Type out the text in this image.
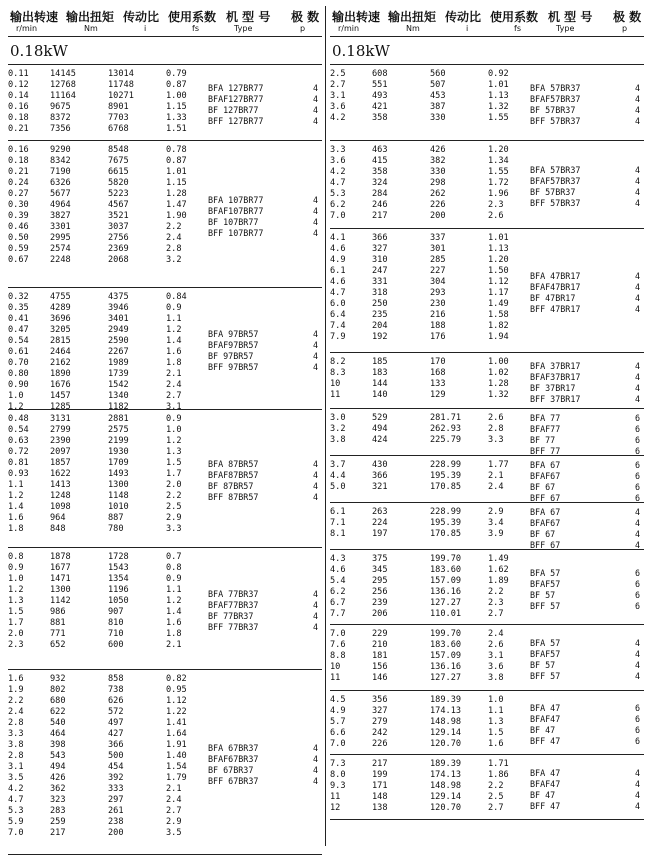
输出转速
r/min
输出扭矩
Nm
传动比
i
使用系数
fs
机 型 号
Type
极 数
p
0.18kW
0.11 14145	13014	0.79
0.12 12768	11748	0.87
0.14 11164	10271	1.00
0.16 9675	8901	1.15
0.18 8372	7703	1.33
0.21 7356	6768	1.51
BFA 127BR77	4
BFAF127BR77	4
BF 127BR77	4
BFF 127BR77	4
0.16 9290	8548	0.78
0.18 8342	7675	0.87
0.21 7190	6615	1.01
0.24 6326	5820	1.15
0.27 5677	5223	1.28
0.30 4964	4567	1.47
0.39 3827	3521	1.90
0.46 3301	3037	2.2
0.50 2995	2756	2.4
0.59 2574	2369	2.8
0.67 2248	2068	3.2
BFA 107BR77	4
BFAF107BR77	4
BF 107BR77	4
BFF 107BR77	4
0.32 4755	4375	0.84
0.35 4289	3946	0.9
0.41 3696	3401	1.1
0.47 3205	2949	1.2
0.54 2815	2590	1.4
0.61 2464	2267	1.6
0.70 2162	1989	1.8
0.80 1890	1739	2.1
0.90 1676	1542	2.4
1.0	1457	1340	2.7
1.2	1285	1182	3.1
BFA 97BR57	4
BFAF97BR57	4
BF 97BR57	4
BFF 97BR57	4
0.48 3131	2881	0.9
0.54 2799	2575	1.0
0.63 2390	2199	1.2
0.72 2097	1930	1.3
0.81 1857	1709	1.5
0.93 1622	1493	1.7
1.1	1413	1300	2.0
1.2	1248	1148	2.2
1.4	1098	1010	2.5
1.6	964	887	2.9
1.8	848	780	3.3
BFA 87BR57	4
BFAF87BR57	4
BF 87BR57	4
BFF 87BR57	4
0.8	1878	1728	0.7
0.9	1677	1543	0.8
1.0	1471	1354	0.9
1.2	1300	1196	1.1
1.3	1142	1050	1.2
1.5	986	907	1.4
1.7	881	810	1.6
2.0	771	710	1.8
2.3	652	600	2.1
BFA 77BR37	4
BFAF77BR37	4
BF 77BR37	4
BFF 77BR37	4
1.6	932	858	0.82
1.9	802	738	0.95
2.2	680	626	1.12
2.4	622	572	1.22
2.8	540	497	1.41
3.3	464	427	1.64
3.8	398	366	1.91
2.8	543	500	1.40
3.1	494	454	1.54
3.5	426	392	1.79
4.2	362	333	2.1
4.7	323	297	2.4
5.3	283	261	2.7
5.9	259	238	2.9
7.0	217	200	3.5
BFA 67BR37	4
BFAF67BR37	4
BF 67BR37	4
BFF 67BR37	4
输出转速
r/min
输出扭矩
Nm
传动比
i
使用系数
fs
机 型 号
Type
极 数
p
0.18kW
2.5	608	560	0.92
2.7	551	507	1.01
3.1	493	453	1.13
3.6	421	387	1.32
4.2	358	330	1.55
BFA 57BR37	4
BFAF57BR37	4
BF 57BR37	4
BFF 57BR37	4
3.3	463	426	1.20
3.6	415	382	1.34
4.2	358	330	1.55
4.7	324	298	1.72
5.3	284	262	1.96
6.2	246	226	2.3
7.0	217	200	2.6
BFA 57BR37	4
BFAF57BR37	4
BF 57BR37	4
BFF 57BR37	4
4.1	366	337	1.01
4.6	327	301	1.13
4.9	310	285	1.20
6.1	247	227	1.50
4.6	331	304	1.12
4.7	318	293	1.17
6.0	250	230	1.49
6.4	235	216	1.58
7.4	204	188	1.82
7.9	192	176	1.94
BFA 47BR17	4
BFAF47BR17	4
BF 47BR17	4
BFF 47BR17	4
8.2	185	170	1.00
8.3	183	168	1.02
10	144	133	1.28
11	140	129	1.32
BFA 37BR17	4
BFAF37BR17	4
BF 37BR17	4
BFF 37BR17	4
3.0	529	281.71	2.6
3.2	494	262.93	2.8
3.8	424	225.79	3.3
BFA 77	6
BFAF77	6
BF 77	6
BFF 77	6
3.7	430	228.99	1.77
4.4	366	195.39	2.1
5.0	321	170.85	2.4
BFA 67	6
BFAF67	6
BF 67	6
BFF 67	6
6.1	263	228.99	2.9
7.1	224	195.39	3.4
8.1	197	170.85	3.9
BFA 67	4
BFAF67	4
BF 67	4
BFF 67	4
4.3	375	199.70	1.49
4.6	345	183.60	1.62
5.4	295	157.09	1.89
6.2	256	136.16	2.2
6.7	239	127.27	2.3
7.7	206	110.01	2.7
BFA 57	6
BFAF57	6
BF 57	6
BFF 57	6
7.0	229	199.70	2.4
7.6	210	183.60	2.6
8.8	181	157.09	3.1
10	156	136.16	3.6
11	146	127.27	3.8
BFA 57	4
BFAF57	4
BF 57	4
BFF 57	4
4.5	356	189.39	1.0
4.9	327	174.13	1.1
5.7	279	148.98	1.3
6.6	242	129.14	1.5
7.0	226	120.70	1.6
BFA 47	6
BFAF47	6
BF 47	6
BFF 47	6
7.3	217	189.39	1.71
8.0	199	174.13	1.86
9.3	171	148.98	2.2
11	148	129.14	2.5
12	138	120.70	2.7
BFA 47	4
BFAF47	4
BF 47	4
BFF 47	4
